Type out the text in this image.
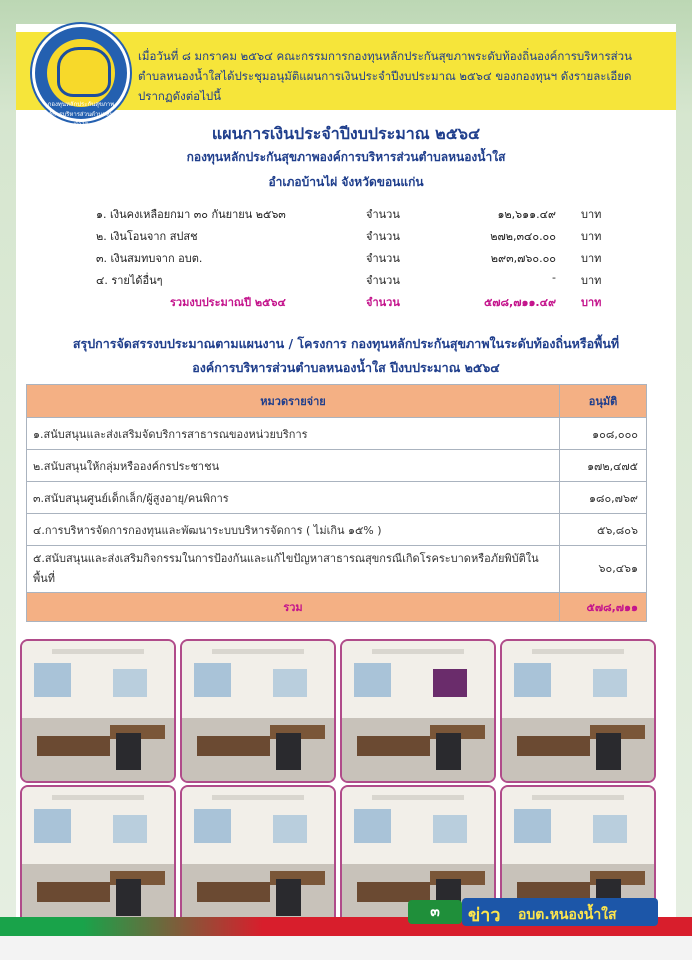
เมื่อวันที่ ๘ มกราคม ๒๕๖๔ คณะกรรมการกองทุนหลักประกันสุขภาพระดับท้องถิ่นองค์การบริหารส่วนตำบลหนองน้ำใสได้ประชุมอนุมัติแผนการเงินประจำปีงบประมาณ ๒๕๖๔ ของกองทุนฯ ดังรายละเอียดปรากฏดังต่อไปนี้
กองทุนหลักประกันสุขภาพองค์การบริหารส่วนตำบลหนองน้ำใส	แผนการเงินประจำปีงบประมาณ ๒๕๖๔
กองทุนหลักประกันสุขภาพองค์การบริหารส่วนตำบลหนองน้ำใส
อำเภอบ้านไผ่ จังหวัดขอนแก่น
๑. เงินคงเหลือยกมา ๓๐ กันยายน ๒๕๖๓	จำนวน	๑๒,๖๑๑.๔๙ บาท
๒. เงินโอนจาก สปสช	จำนวน	๒๗๒,๓๔๐.๐๐ บาท
๓. เงินสมทบจาก อบต.	จำนวน	๒๙๓,๗๖๐.๐๐ บาท
๔. รายได้อื่นๆ	จำนวน	- บาท
รวมงบประมาณปี ๒๕๖๔	จำนวน	๕๗๘,๗๑๑.๔๙ บาท
สรุปการจัดสรรงบประมาณตามแผนงาน / โครงการ กองทุนหลักประกันสุขภาพในระดับท้องถิ่นหรือพื้นที่
องค์การบริหารส่วนตำบลหนองน้ำใส ปีงบประมาณ ๒๕๖๔
หมวดรายจ่าย	อนุมัติ
๑.สนับสนุนและส่งเสริมจัดบริการสาธารณของหน่วยบริการ	๑๐๘,๐๐๐
๒.สนับสนุนให้กลุ่มหรือองค์กรประชาชน	๑๗๒,๔๗๕
๓.สนับสนุนศูนย์เด็กเล็ก/ผู้สูงอายุ/คนพิการ	๑๘๐,๗๖๙
๔.การบริหารจัดการกองทุนและพัฒนาระบบบริหารจัดการ ( ไม่เกิน ๑๕% )	๕๖,๘๐๖
๕.สนับสนุนและส่งเสริมกิจกรรมในการป้องกันและแก้ไขปัญหาสาธารณสุขกรณีเกิดโรคระบาดหรือภัยพิบัติในพื้นที่	๖๐,๔๖๑
รวม	๕๗๘,๗๑๑
๓	ข่าว อบต.หนองน้ำใส
